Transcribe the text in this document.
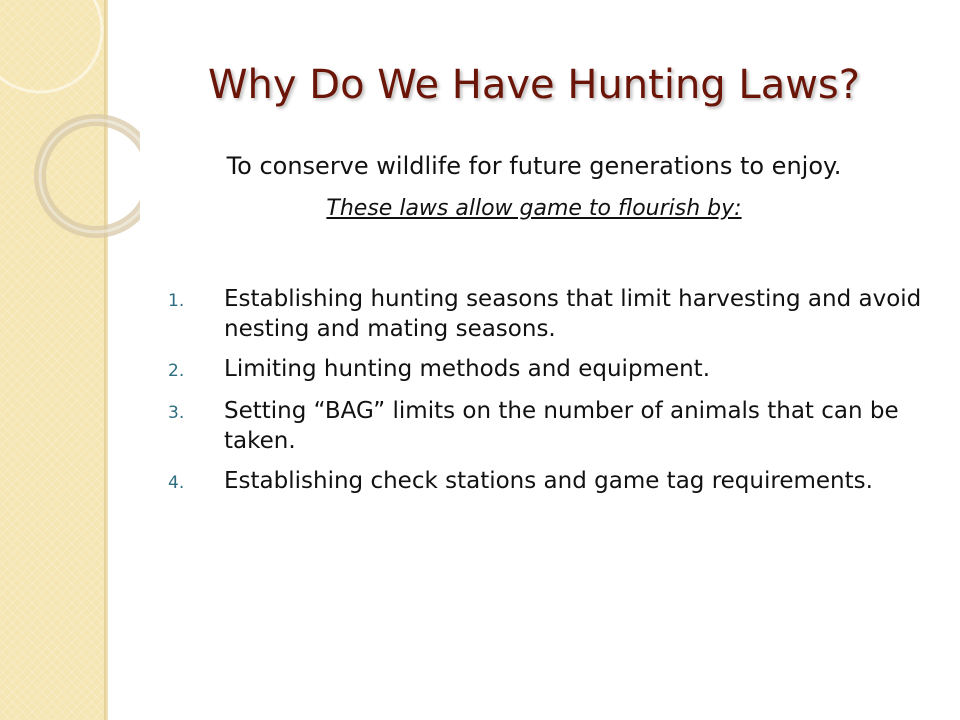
Why Do We Have Hunting Laws?

To conserve wildlife for future generations to enjoy.

These laws allow game to flourish by:

1.	Establishing hunting seasons that limit harvesting and avoid nesting and mating seasons.
2.	Limiting hunting methods and equipment.
3.	Setting “BAG” limits on the number of animals that can be taken.
4.	Establishing check stations and game tag requirements.
